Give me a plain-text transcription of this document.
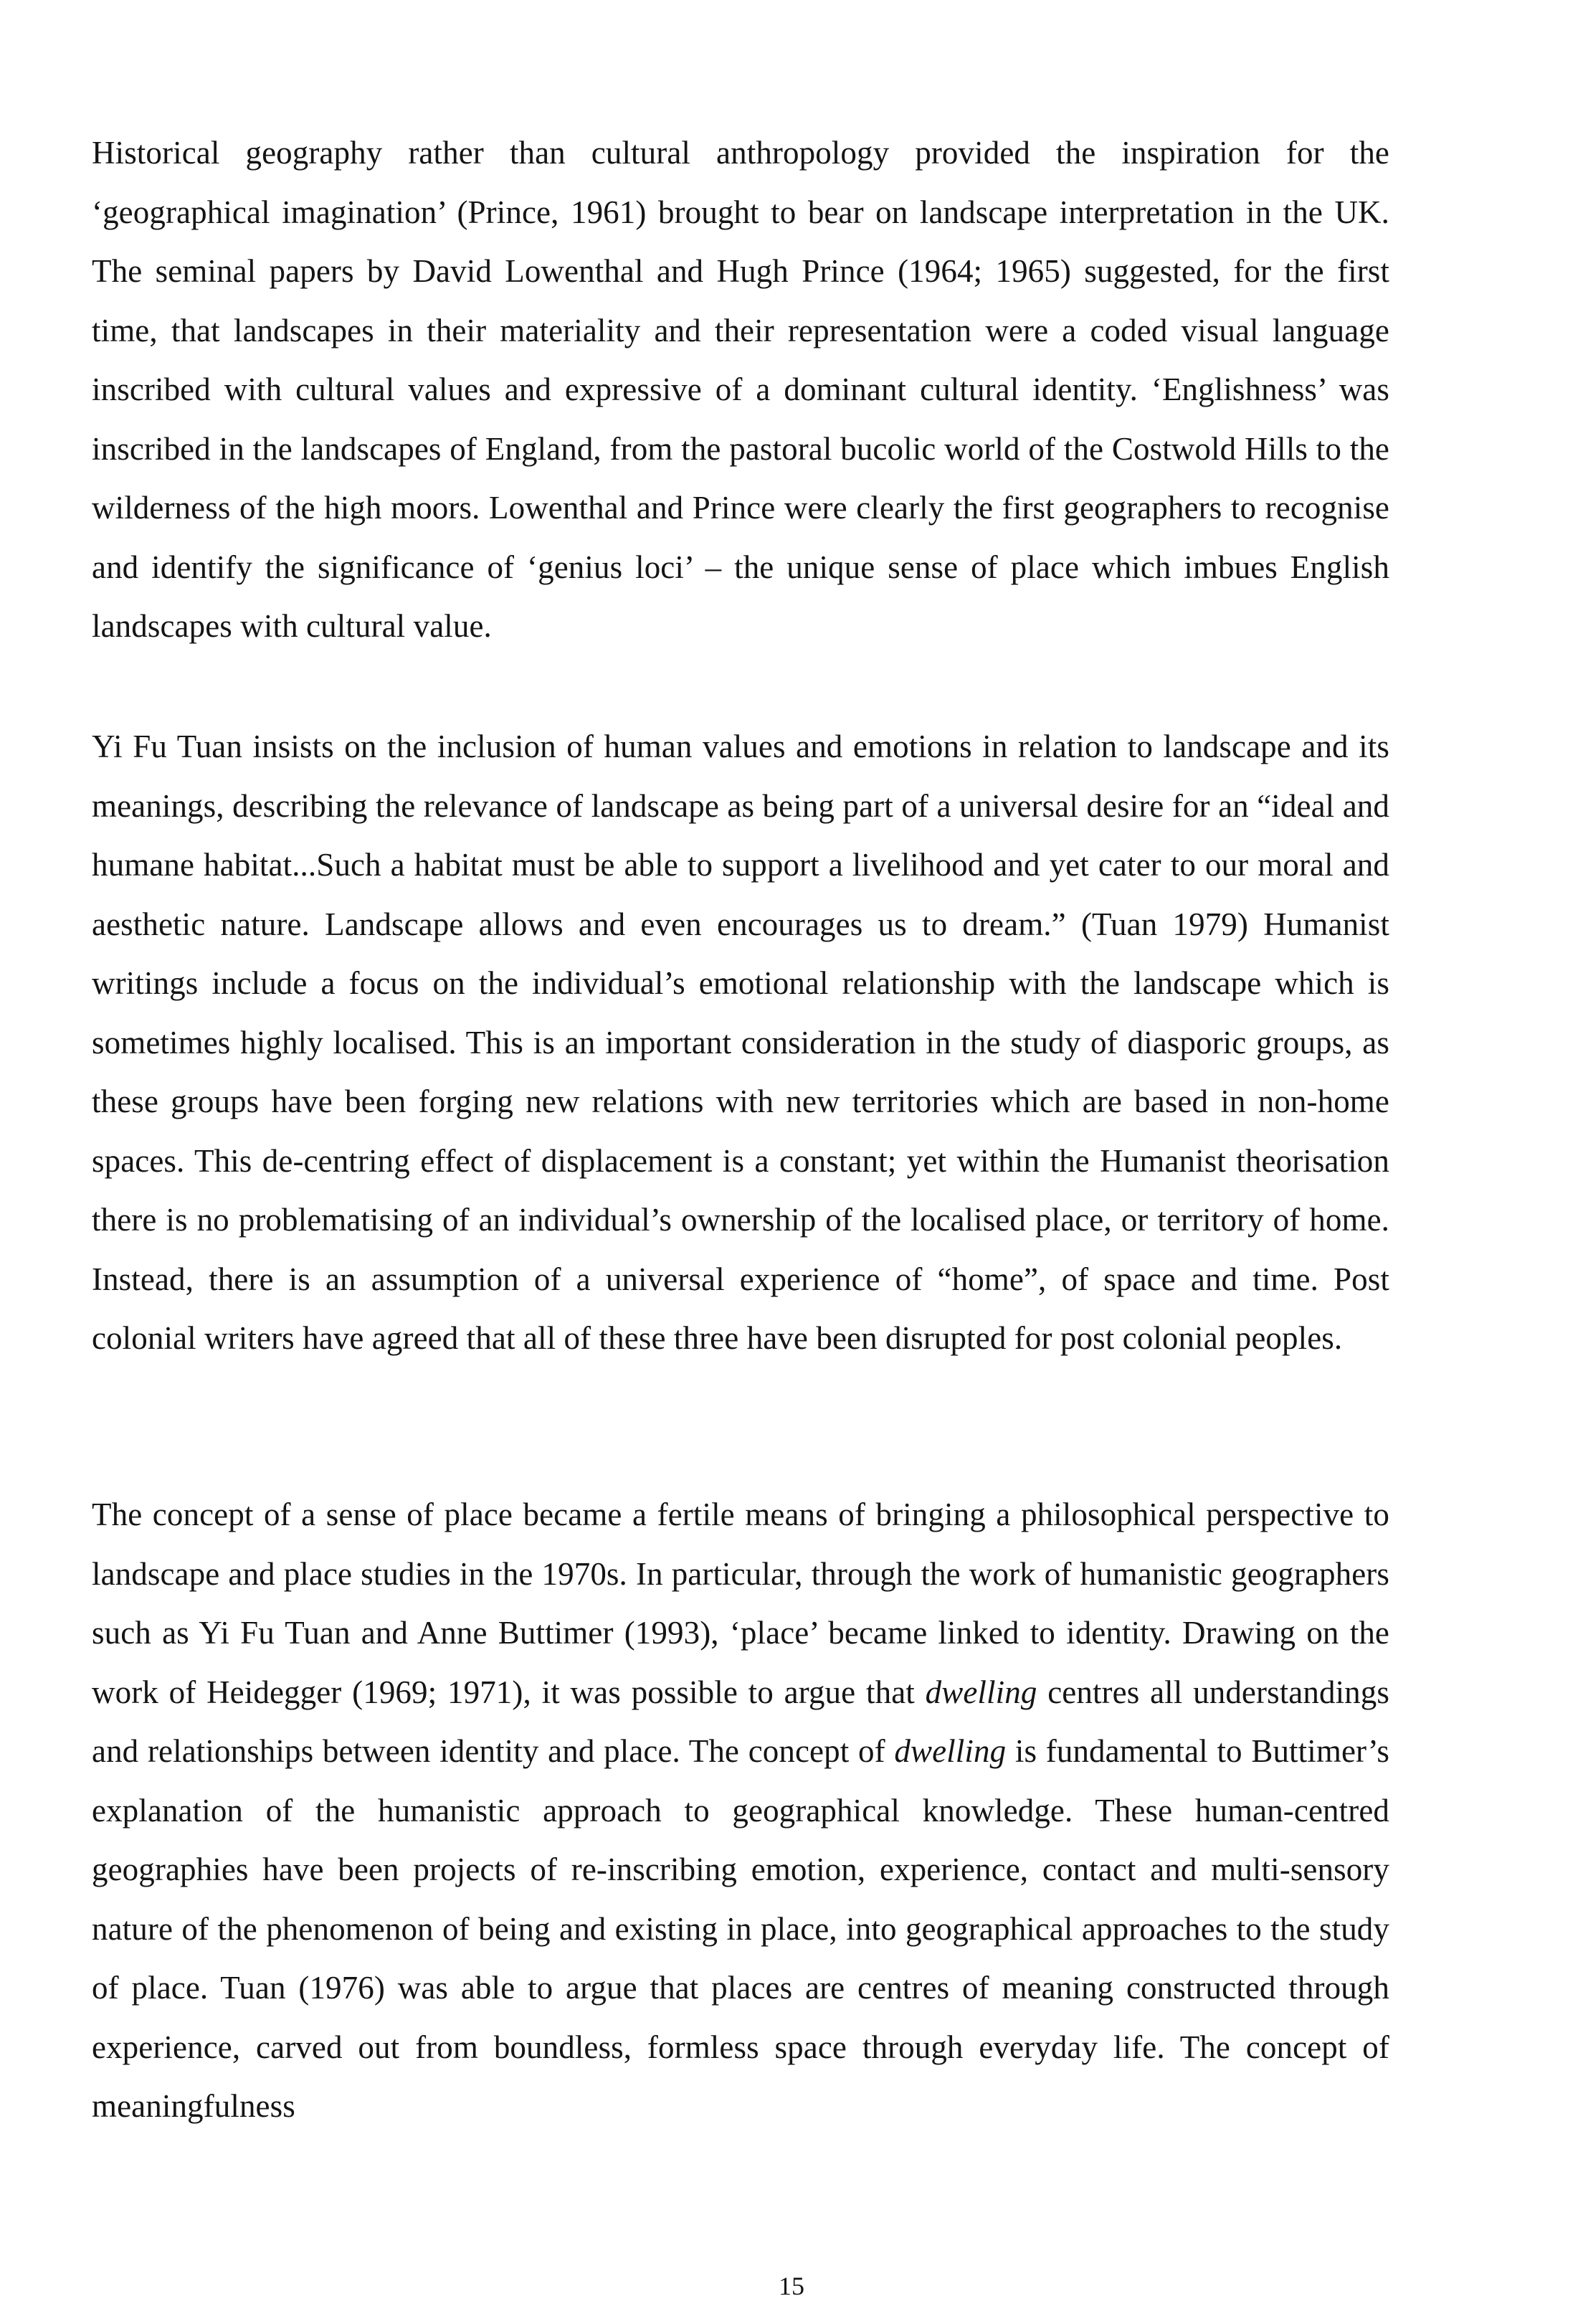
Historical geography rather than cultural anthropology provided the inspiration for the ‘geographical imagination’ (Prince, 1961) brought to bear on landscape interpretation in the UK. The seminal papers by David Lowenthal and Hugh Prince (1964; 1965) suggested, for the first time, that landscapes in their materiality and their representation were a coded visual language inscribed with cultural values and expressive of a dominant cultural identity. ‘Englishness’ was inscribed in the landscapes of England, from the pastoral bucolic world of the Costwold Hills to the wilderness of the high moors. Lowenthal and Prince were clearly the first geographers to recognise and identify the significance of ‘genius loci’ – the unique sense of place which imbues English landscapes with cultural value.

Yi Fu Tuan insists on the inclusion of human values and emotions in relation to landscape and its meanings, describing the relevance of landscape as being part of a universal desire for an “ideal and humane habitat...Such a habitat must be able to support a livelihood and yet cater to our moral and aesthetic nature. Landscape allows and even encourages us to dream.” (Tuan 1979) Humanist writings include a focus on the individual’s emotional relationship with the landscape which is sometimes highly localised. This is an important consideration in the study of diasporic groups, as these groups have been forging new relations with new territories which are based in non-home spaces. This de-centring effect of displacement is a constant; yet within the Humanist theorisation there is no problematising of an individual’s ownership of the localised place, or territory of home. Instead, there is an assumption of a universal experience of “home”, of space and time. Post colonial writers have agreed that all of these three have been disrupted for post colonial peoples.

The concept of a sense of place became a fertile means of bringing a philosophical perspective to landscape and place studies in the 1970s. In particular, through the work of humanistic geographers such as Yi Fu Tuan and Anne Buttimer (1993), ‘place’ became linked to identity. Drawing on the work of Heidegger (1969; 1971), it was possible to argue that dwelling centres all understandings and relationships between identity and place. The concept of dwelling is fundamental to Buttimer’s explanation of the humanistic approach to geographical knowledge. These human-centred geographies have been projects of re-inscribing emotion, experience, contact and multi-sensory nature of the phenomenon of being and existing in place, into geographical approaches to the study of place. Tuan (1976) was able to argue that places are centres of meaning constructed through experience, carved out from boundless, formless space through everyday life. The concept of meaningfulness

15
